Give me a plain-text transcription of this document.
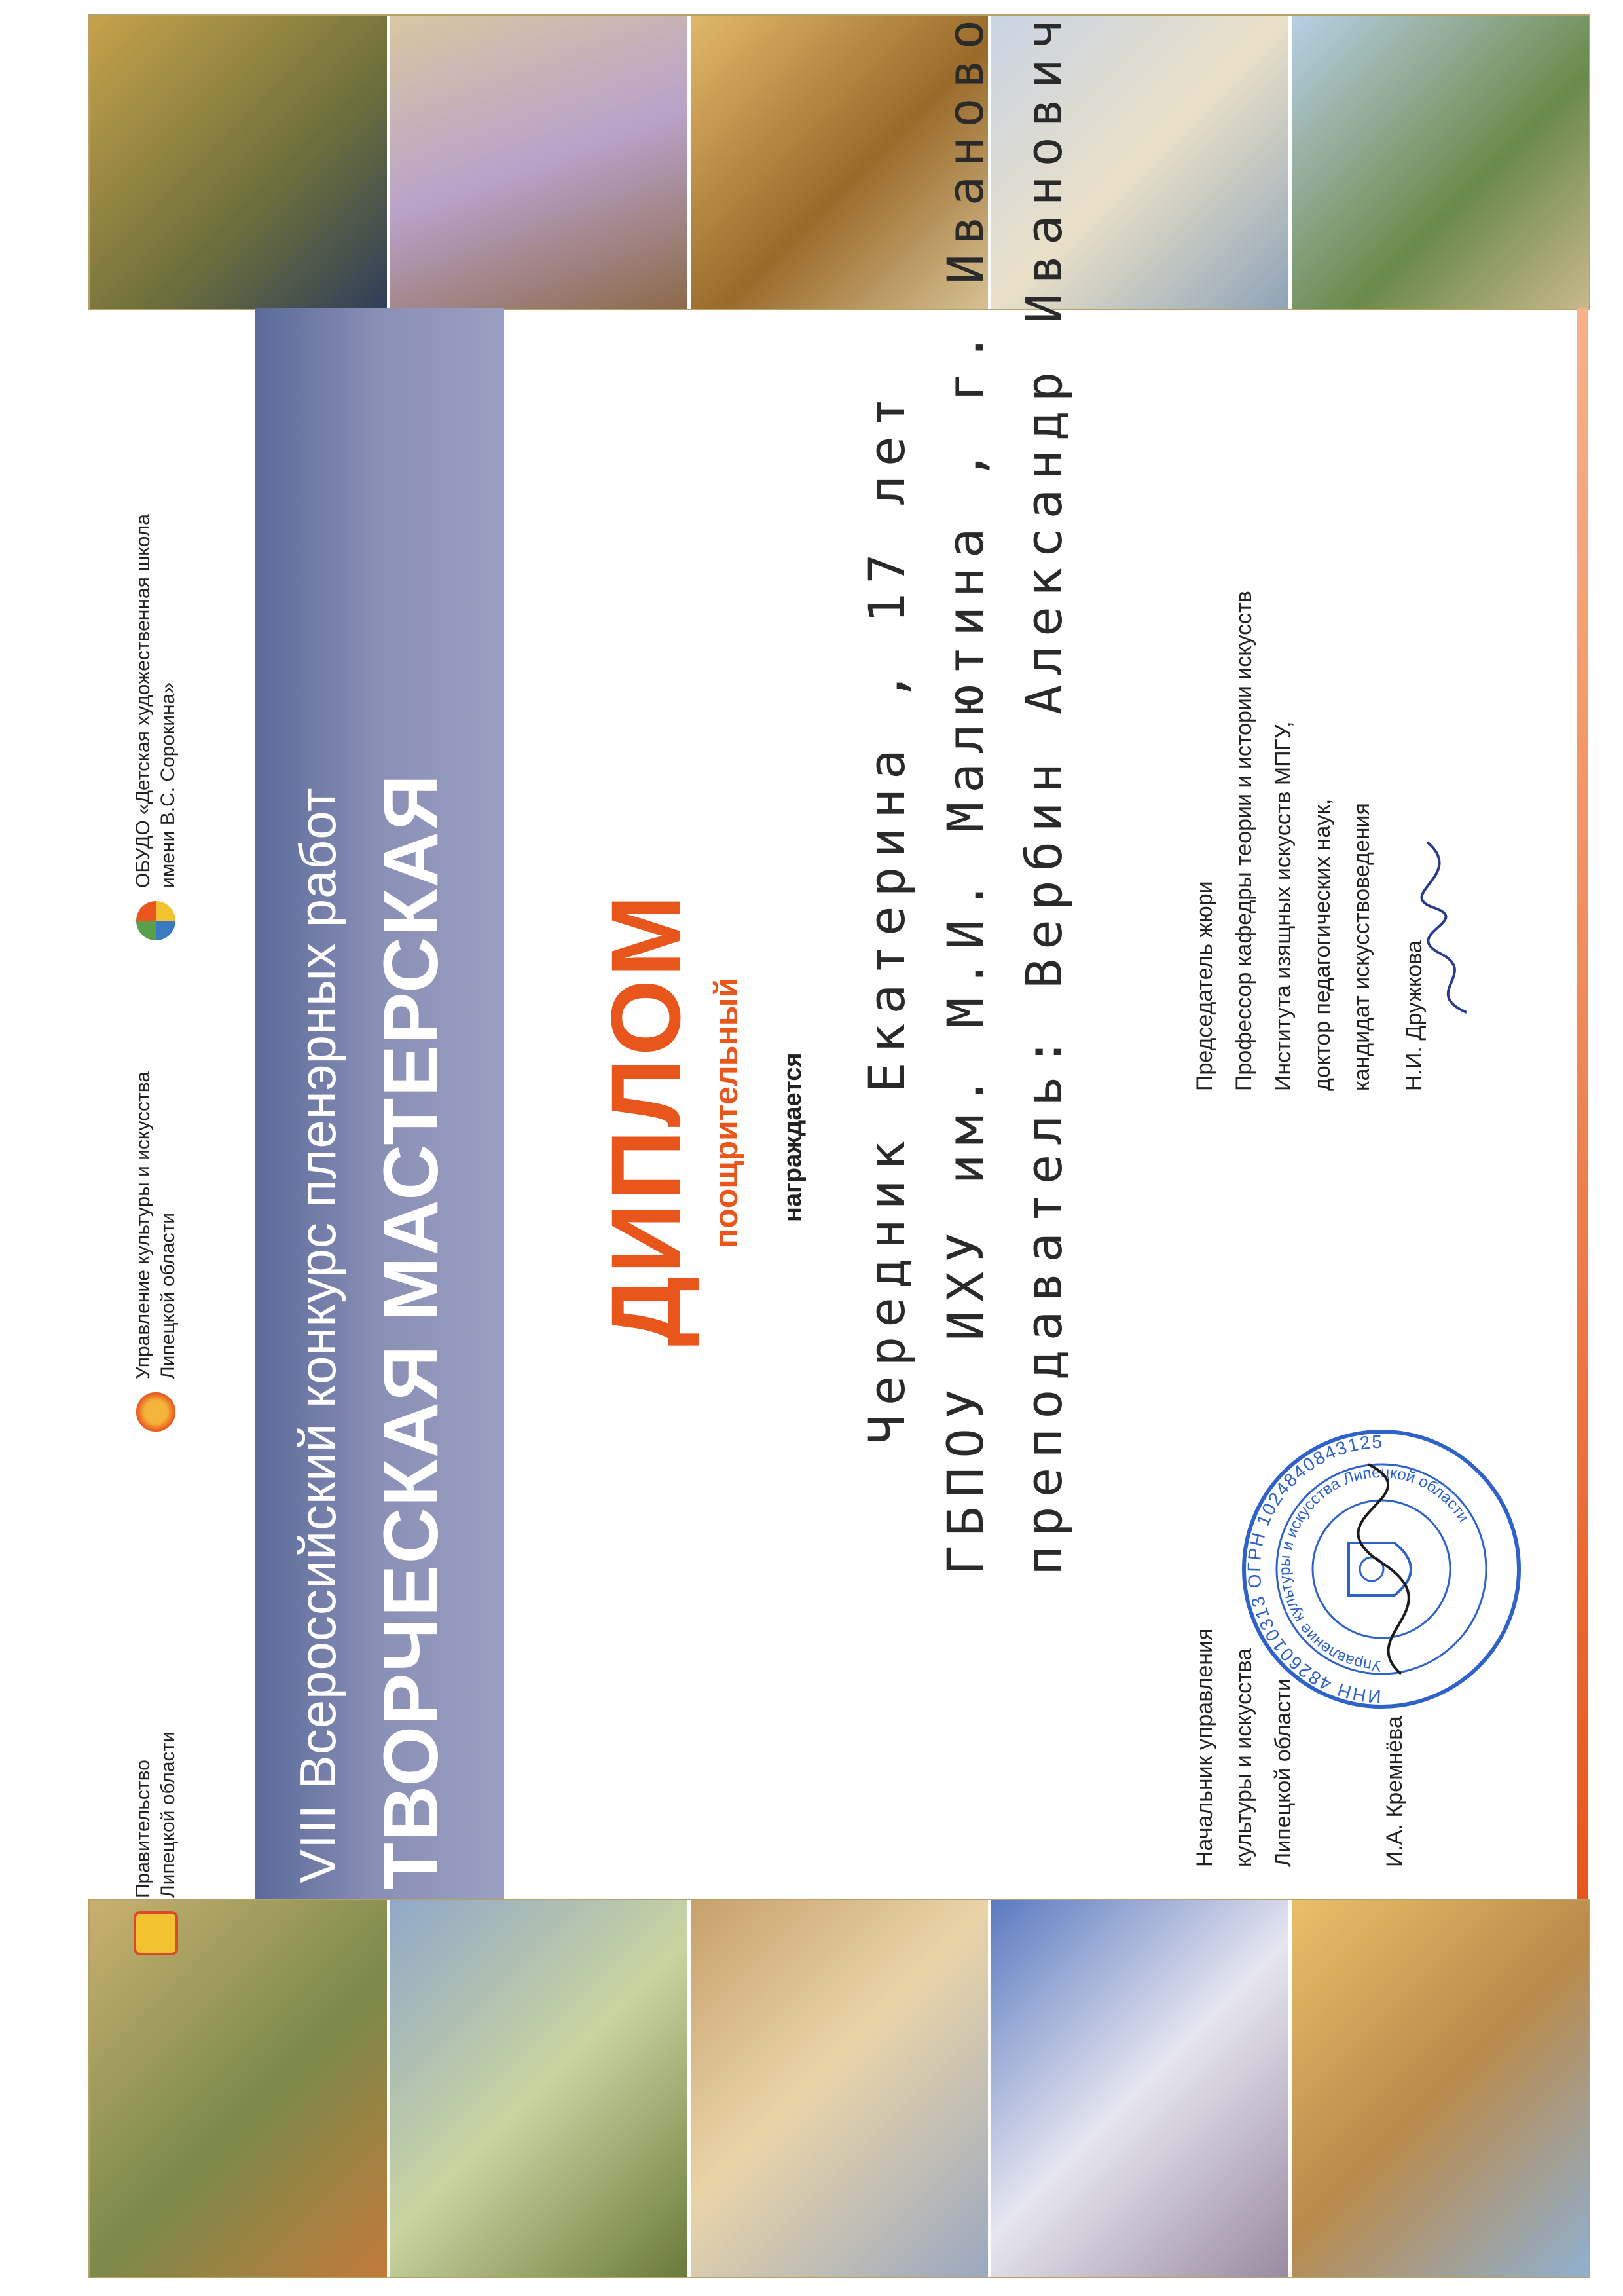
Правительство Липецкой области
Управление культуры и искусства Липецкой области
ОБУДО «Детская художественная школа имени В.С. Сорокина»
VIII Всероссийский конкурс пленэрных работ ТВОРЧЕСКАЯ МАСТЕРСКАЯ ДИПЛОМ поощрительный награждается Чередник Екатерина , 17 лет ГБПОУ ИХУ им. М.И. Малютина , г. Иваново преподаватель: Вербин Александр Иванович
Начальник управления культуры и искусства Липецкой области	И.А. Кремнёва
ИНН 4826010313 ОГРН 1024840843125
Управление культуры и искусства Липецкой области
Председатель жюри Профессор кафедры теории и истории искусств Института изящных искусств МПГУ, доктор педагогических наук, кандидат искусствоведения	Н.И. Дружкова
